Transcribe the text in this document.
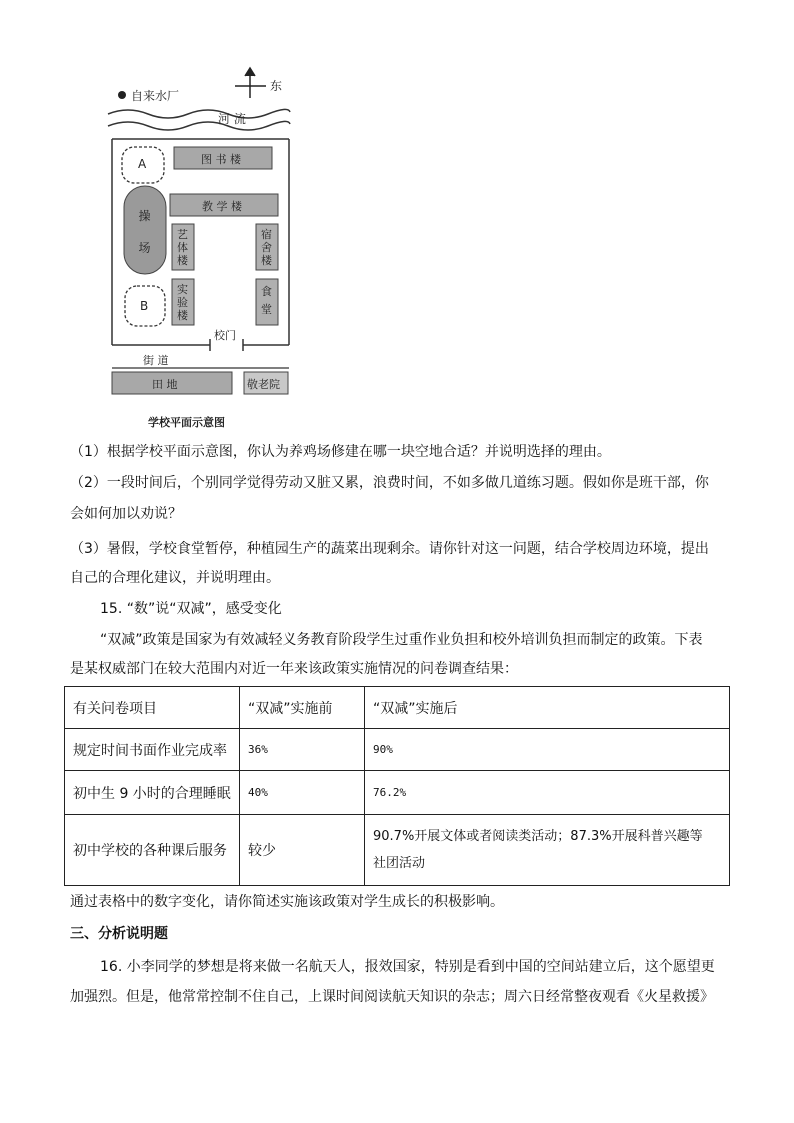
自来水厂
东
河 流
A
B
图 书 楼
教 学 楼
操 场
艺体楼
实验楼
宿舍楼
食 堂
校门
街 道
田 地	敬老院
学校平面示意图
（1）根据学校平面示意图，你认为养鸡场修建在哪一块空地合适？并说明选择的理由。
（2）一段时间后，个别同学觉得劳动又脏又累，浪费时间，不如多做几道练习题。假如你是班干部，你
会如何加以劝说？
（3）暑假，学校食堂暂停，种植园生产的蔬菜出现剩余。请你针对这一问题，结合学校周边环境，提出
自己的合理化建议，并说明理由。
15. “数”说“双减”，感受变化
“双减”政策是国家为有效减轻义务教育阶段学生过重作业负担和校外培训负担而制定的政策。下表
是某权威部门在较大范围内对近一年来该政策实施情况的问卷调查结果：
有关问卷项目	“双减”实施前	“双减”实施后
规定时间书面作业完成率	36%	90%
初中生 9 小时的合理睡眠	40%	76.2%
初中学校的各种课后服务	较少	90.7%开展文体或者阅读类活动；87.3%开展科普兴趣等
社团活动
通过表格中的数字变化，请你简述实施该政策对学生成长的积极影响。
三、分析说明题
16. 小李同学的梦想是将来做一名航天人，报效国家，特别是看到中国的空间站建立后，这个愿望更
加强烈。但是，他常常控制不住自己，上课时间阅读航天知识的杂志；周六日经常整夜观看《火星救援》
